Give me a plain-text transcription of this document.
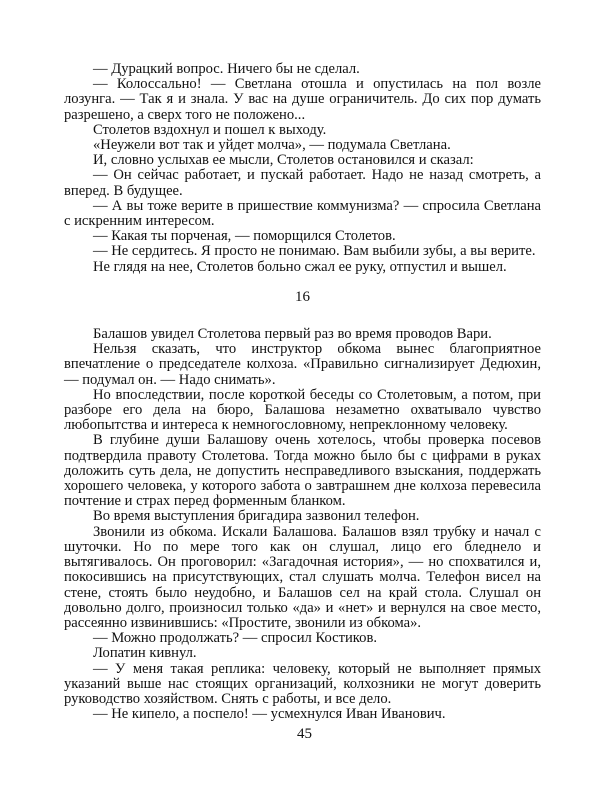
— Дурацкий вопрос. Ничего бы не сделал.

— Колоссально! — Светлана отошла и опустилась на пол возле лозунга. — Так я и знала. У вас на душе ограничитель. До сих пор думать разрешено, а сверх того не положено...

Столетов вздохнул и пошел к выходу.

«Неужели вот так и уйдет молча», — подумала Светлана.

И, словно услыхав ее мысли, Столетов остановился и сказал:

— Он сейчас работает, и пускай работает. Надо не назад смотреть, а вперед. В будущее.

— А вы тоже верите в пришествие коммунизма? — спросила Светлана с искренним интересом.

— Какая ты порченая, — поморщился Столетов.

— Не сердитесь. Я просто не понимаю. Вам выбили зубы, а вы верите.

Не глядя на нее, Столетов больно сжал ее руку, отпустил и вышел.

16

Балашов увидел Столетова первый раз во время проводов Вари.

Нельзя сказать, что инструктор обкома вынес благоприятное впечатление о председателе колхоза. «Правильно сигнализирует Дедюхин, — подумал он. — Надо снимать».

Но впоследствии, после короткой беседы со Столетовым, а потом, при разборе его дела на бюро, Балашова незаметно охватывало чувство любопытства и интереса к немногословному, непреклонному человеку.

В глубине души Балашову очень хотелось, чтобы проверка посевов подтвердила правоту Столетова. Тогда можно было бы с цифрами в руках доложить суть дела, не допустить несправедливого взыскания, поддержать хорошего человека, у которого забота о завтрашнем дне колхоза перевесила почтение и страх перед форменным бланком.

Во время выступления бригадира зазвонил телефон.

Звонили из обкома. Искали Балашова. Балашов взял трубку и начал с шуточки. Но по мере того как он слушал, лицо его бледнело и вытягивалось. Он проговорил: «Загадочная история», — но спохватился и, покосившись на присутствующих, стал слушать молча. Телефон висел на стене, стоять было неудобно, и Балашов сел на край стола. Слушал он довольно долго, произносил только «да» и «нет» и вернулся на свое место, рассеянно извинившись: «Простите, звонили из обкома».

— Можно продолжать? — спросил Костиков.

Лопатин кивнул.

— У меня такая реплика: человеку, который не выполняет прямых указаний выше нас стоящих организаций, колхозники не могут доверить руководство хозяйством. Снять с работы, и все дело.

— Не кипело, а поспело! — усмехнулся Иван Иванович.

45
